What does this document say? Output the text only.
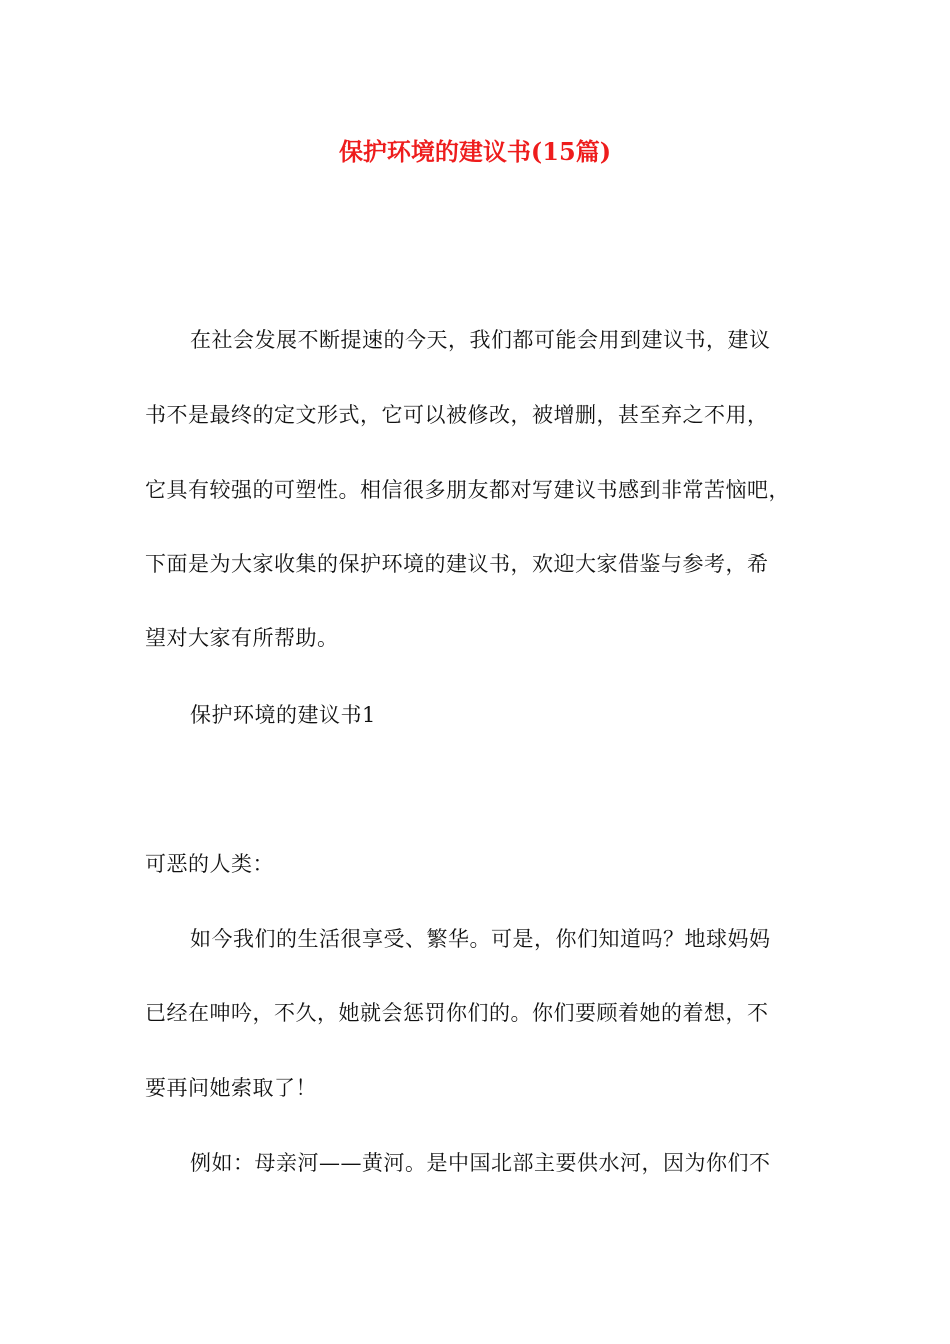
保护环境的建议书(15篇)
在社会发展不断提速的今天，我们都可能会用到建议书，建议
书不是最终的定文形式，它可以被修改，被增删，甚至弃之不用，
它具有较强的可塑性。相信很多朋友都对写建议书感到非常苦恼吧，
下面是为大家收集的保护环境的建议书，欢迎大家借鉴与参考，希
望对大家有所帮助。
保护环境的建议书1
可恶的人类：
如今我们的生活很享受、繁华。可是，你们知道吗？地球妈妈
已经在呻吟，不久，她就会惩罚你们的。你们要顾着她的着想，不
要再问她索取了！
例如：母亲河——黄河。是中国北部主要供水河，因为你们不
